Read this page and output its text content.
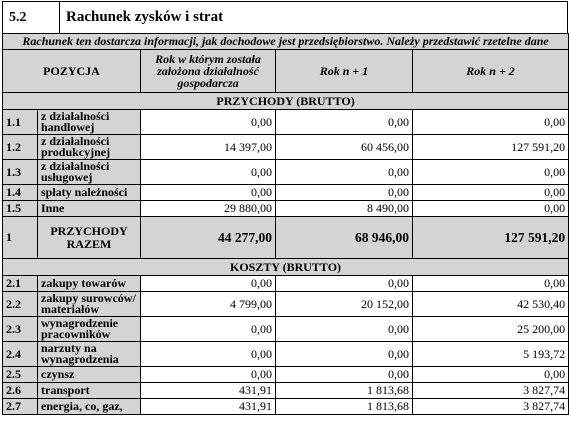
5.2	Rachunek zysków i strat
Rachunek ten dostarcza informacji, jak dochodowe jest przedsiębiorstwo. Należy przedstawić rzetelne dane				
POZYCJA		Rok w którym została założona działalność gospodarcza	Rok n + 1	Rok n + 2
PRZYCHODY (BRUTTO)				
1.1	z działalności handlowej	0,00	0,00	0,00
1.2	z działalności produkcyjnej	14 397,00	60 456,00	127 591,20
1.3	z działalności usługowej	0,00	0,00	0,00
1.4	spłaty należności	0,00	0,00	0,00
1.5	Inne	29 880,00	8 490,00	0,00
1	PRZYCHODY RAZEM	44 277,00	68 946,00	127 591,20
KOSZTY (BRUTTO)				
2.1	zakupy towarów	0,00	0,00	0,00
2.2	zakupy surowców/ materiałów	4 799,00	20 152,00	42 530,40
2.3	wynagrodzenie pracowników	0,00	0,00	25 200,00
2.4	narzuty na wynagrodzenia	0,00	0,00	5 193,72
2.5	czynsz	0,00	0,00	0,00
2.6	transport	431,91	1 813,68	3 827,74
2.7	energia, co, gaz,	431,91	1 813,68	3 827,74
